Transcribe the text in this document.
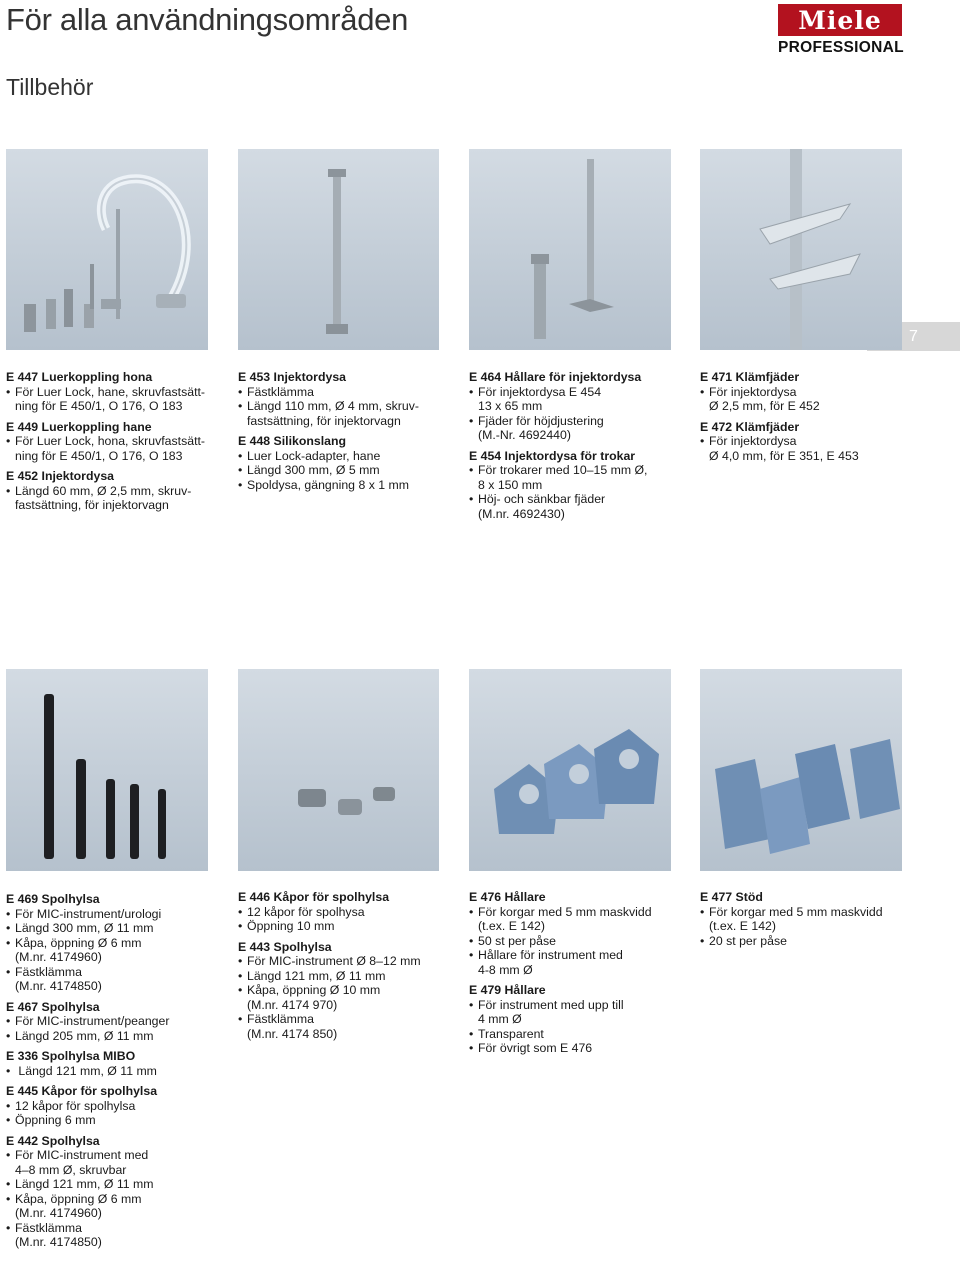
För alla användningsområden
Tillbehör
Miele
PROFESSIONAL
7
E 447 Luerkoppling hona
• För Luer Lock, hane, skruvfastsätt-
ning för E 450/1, O 176, O 183
E 449 Luerkoppling hane
• För Luer Lock, hona, skruvfastsätt-
ning för E 450/1, O 176, O 183
E 452 Injektordysa
• Längd 60 mm, Ø 2,5 mm, skruv-
fastsättning, för injektorvagn
E 453 Injektordysa
• Fästklämma
• Längd 110 mm, Ø 4 mm, skruv-
fastsättning, för injektorvagn
E 448 Silikonslang
• Luer Lock-adapter, hane
• Längd 300 mm, Ø 5 mm
• Spoldysa, gängning 8 x 1 mm
E 464 Hållare för injektordysa
• För injektordysa E 454
13 x 65 mm
• Fjäder för höjdjustering
(M.-Nr. 4692440)
E 454 Injektordysa för trokar
• För trokarer med 10–15 mm Ø,
8 x 150 mm
• Höj- och sänkbar fjäder
(M.nr. 4692430)
E 471 Klämfjäder
• För injektordysa
Ø 2,5 mm, för E 452
E 472 Klämfjäder
• För injektordysa
Ø 4,0 mm, för E 351, E 453
E 469 Spolhylsa
• För MIC-instrument/urologi
• Längd 300 mm, Ø 11 mm
• Kåpa, öppning Ø 6 mm
(M.nr. 4174960)
• Fästklämma
(M.nr. 4174850)
E 467 Spolhylsa
• För MIC-instrument/peanger
• Längd 205 mm, Ø 11 mm
E 336 Spolhylsa MIBO
•  Längd 121 mm, Ø 11 mm
E 445 Kåpor för spolhylsa
• 12 kåpor för spolhylsa
• Öppning 6 mm
E 442 Spolhylsa
• För MIC-instrument med
4–8 mm Ø, skruvbar
• Längd 121 mm, Ø 11 mm
• Kåpa, öppning Ø 6 mm
(M.nr. 4174960)
• Fästklämma
(M.nr. 4174850)
E 446 Kåpor för spolhylsa
• 12 kåpor för spolhysa
• Öppning 10 mm
E 443 Spolhylsa
• För MIC-instrument Ø 8–12 mm
• Längd 121 mm, Ø 11 mm
• Kåpa, öppning Ø 10 mm
(M.nr. 4174 970)
• Fästklämma
(M.nr. 4174 850)
E 476 Hållare
• För korgar med 5 mm maskvidd
(t.ex. E 142)
• 50 st per påse
• Hållare för instrument med
4-8 mm Ø
E 479 Hållare
• För instrument med upp till
4 mm Ø
• Transparent
• För övrigt som E 476
E 477 Stöd
• För korgar med 5 mm maskvidd
(t.ex. E 142)
• 20 st per påse
